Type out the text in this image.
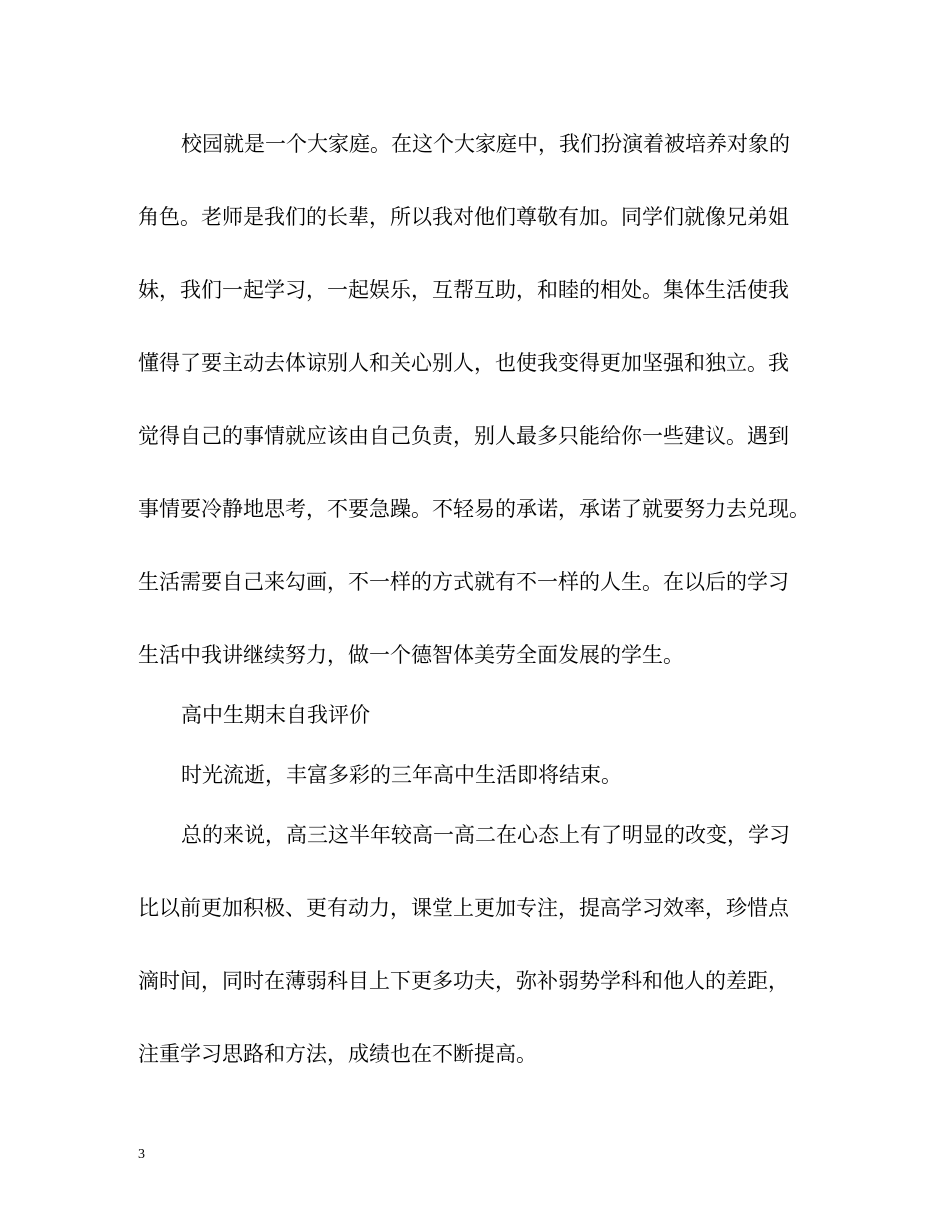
校园就是一个大家庭。在这个大家庭中，我们扮演着被培养对象的
角色。老师是我们的长辈，所以我对他们尊敬有加。同学们就像兄弟姐
妹，我们一起学习，一起娱乐，互帮互助，和睦的相处。集体生活使我
懂得了要主动去体谅别人和关心别人，也使我变得更加坚强和独立。我
觉得自己的事情就应该由自己负责，别人最多只能给你一些建议。遇到
事情要冷静地思考，不要急躁。不轻易的承诺，承诺了就要努力去兑现。
生活需要自己来勾画，不一样的方式就有不一样的人生。在以后的学习
生活中我讲继续努力，做一个德智体美劳全面发展的学生。
高中生期末自我评价
时光流逝，丰富多彩的三年高中生活即将结束。
总的来说，高三这半年较高一高二在心态上有了明显的改变，学习
比以前更加积极、更有动力，课堂上更加专注，提高学习效率，珍惜点
滴时间，同时在薄弱科目上下更多功夫，弥补弱势学科和他人的差距，
注重学习思路和方法，成绩也在不断提高。
3
